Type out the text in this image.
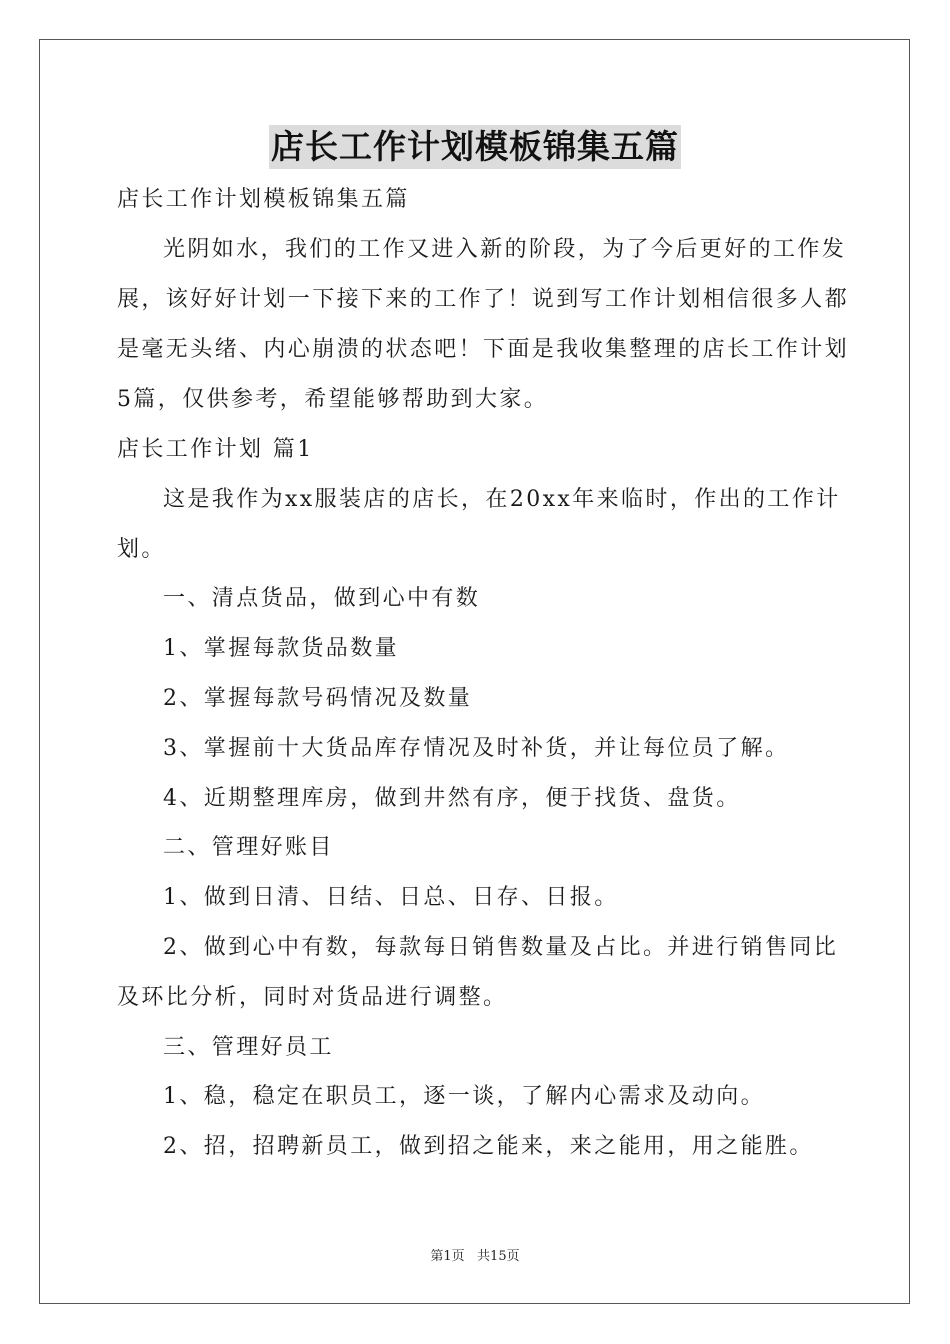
店长工作计划模板锦集五篇
店长工作计划模板锦集五篇
光阴如水，我们的工作又进入新的阶段，为了今后更好的工作发
展，该好好计划一下接下来的工作了！说到写工作计划相信很多人都
是毫无头绪、内心崩溃的状态吧！下面是我收集整理的店长工作计划
5篇，仅供参考，希望能够帮助到大家。
店长工作计划 篇1
这是我作为xx服装店的店长，在20xx年来临时，作出的工作计
划。
一、清点货品，做到心中有数
1、掌握每款货品数量
2、掌握每款号码情况及数量
3、掌握前十大货品库存情况及时补货，并让每位员了解。
4、近期整理库房，做到井然有序，便于找货、盘货。
二、管理好账目
1、做到日清、日结、日总、日存、日报。
2、做到心中有数，每款每日销售数量及占比。并进行销售同比
及环比分析，同时对货品进行调整。
三、管理好员工
1、稳，稳定在职员工，逐一谈，了解内心需求及动向。
2、招，招聘新员工，做到招之能来，来之能用，用之能胜。
第1页   共15页
